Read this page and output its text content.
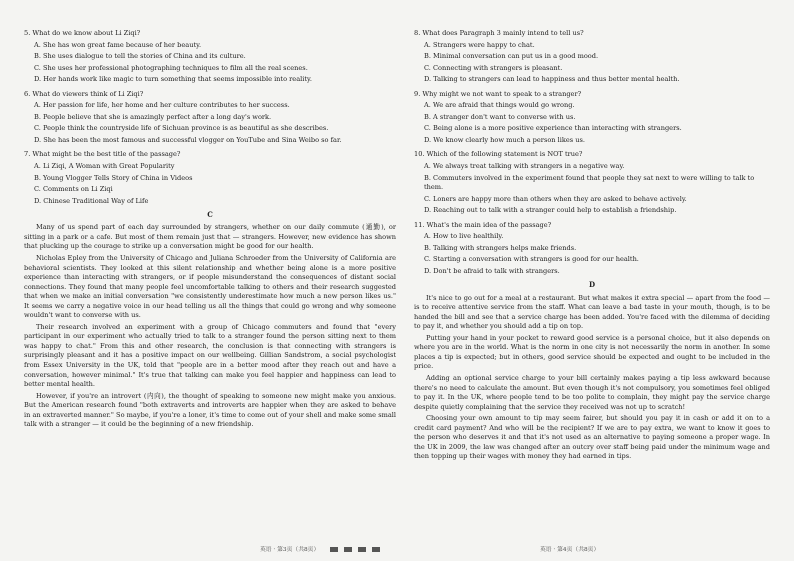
5. What do we know about Li Ziqi?

A. She has won great fame because of her beauty.

B. She uses dialogue to tell the stories of China and its culture.

C. She uses her professional photographing techniques to film all the real scenes.

D. Her hands work like magic to turn something that seems impossible into reality.

6. What do viewers think of Li Ziqi?

A. Her passion for life, her home and her culture contributes to her success.

B. People believe that she is amazingly perfect after a long day's work.

C. People think the countryside life of Sichuan province is as beautiful as she describes.

D. She has been the most famous and successful vlogger on YouTube and Sina Weibo so far.

7. What might be the best title of the passage?

A. Li Ziqi, A Woman with Great Popularity

B. Young Vlogger Tells Story of China in Videos

C. Comments on Li Ziqi

D. Chinese Traditional Way of Life

C

Many of us spend part of each day surrounded by strangers, whether on our daily commute (通勤), or sitting in a park or a cafe. But most of them remain just that — strangers. However, new evidence has shown that plucking up the courage to strike up a conversation might be good for our health.

Nicholas Epley from the University of Chicago and Juliana Schroeder from the University of California are behavioral scientists. They looked at this silent relationship and whether being alone is a more positive experience than interacting with strangers, or if people misunderstand the consequences of distant social connections. They found that many people feel uncomfortable talking to others and their research suggested that when we make an initial conversation "we consistently underestimate how much a new person likes us." It seems we carry a negative voice in our head telling us all the things that could go wrong and why someone wouldn't want to converse with us.

Their research involved an experiment with a group of Chicago commuters and found that "every participant in our experiment who actually tried to talk to a stranger found the person sitting next to them was happy to chat." From this and other research, the conclusion is that connecting with strangers is surprisingly pleasant and it has a positive impact on our wellbeing. Gillian Sandstrom, a social psychologist from Essex University in the UK, told that "people are in a better mood after they reach out and have a conversation, however minimal." It's true that talking can make you feel happier and happiness can lead to better mental health.

However, if you're an introvert (内向), the thought of speaking to someone new might make you anxious. But the American research found "both extraverts and introverts are happier when they are asked to behave in an extraverted manner." So maybe, if you're a loner, it's time to come out of your shell and make some small talk with a stranger — it could be the beginning of a new friendship.

8. What does Paragraph 3 mainly intend to tell us?

A. Strangers were happy to chat.

B. Minimal conversation can put us in a good mood.

C. Connecting with strangers is pleasant.

D. Talking to strangers can lead to happiness and thus better mental health.

9. Why might we not want to speak to a stranger?

A. We are afraid that things would go wrong.

B. A stranger don't want to converse with us.

C. Being alone is a more positive experience than interacting with strangers.

D. We know clearly how much a person likes us.

10. Which of the following statement is NOT true?

A. We always treat talking with strangers in a negative way.

B. Commuters involved in the experiment found that people they sat next to were willing to talk to them.

C. Loners are happy more than others when they are asked to behave actively.

D. Reaching out to talk with a stranger could help to establish a friendship.

11. What's the main idea of the passage?

A. How to live healthily.

B. Talking with strangers helps make friends.

C. Starting a conversation with strangers is good for our health.

D. Don't be afraid to talk with strangers.

D

It's nice to go out for a meal at a restaurant. But what makes it extra special — apart from the food — is to receive attentive service from the staff. What can leave a bad taste in your mouth, though, is to be handed the bill and see that a service charge has been added. You're faced with the dilemma of deciding to pay it, and whether you should add a tip on top.

Putting your hand in your pocket to reward good service is a personal choice, but it also depends on where you are in the world. What is the norm in one city is not necessarily the norm in another. In some places a tip is expected; but in others, good service should be expected and ought to be included in the price.

Adding an optional service charge to your bill certainly makes paying a tip less awkward because there's no need to calculate the amount. But even though it's not compulsory, you sometimes feel obliged to pay it. In the UK, where people tend to be too polite to complain, they might pay the service charge despite quietly complaining that the service they received was not up to scratch!

Choosing your own amount to tip may seem fairer, but should you pay it in cash or add it on to a credit card payment? And who will be the recipient? If we are to pay extra, we want to know it goes to the person who deserves it and that it's not used as an alternative to paying someone a proper wage. In the UK in 2009, the law was changed after an outcry over staff being paid under the minimum wage and then topping up their wages with money they had earned in tips.

英语 · 第3页（共8页）	英语 · 第4页（共8页）
